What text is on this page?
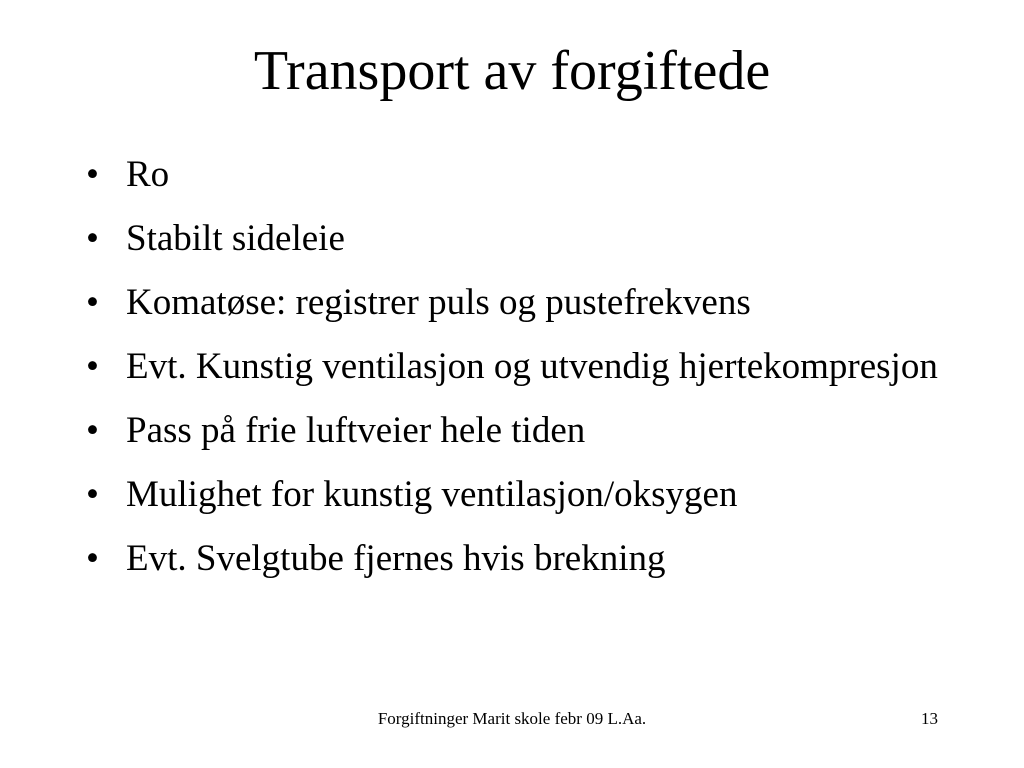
Transport av forgiftede
• Ro
• Stabilt sideleie
• Komatøse: registrer puls og pustefrekvens
• Evt. Kunstig ventilasjon og utvendig hjertekompresjon
• Pass på frie luftveier hele tiden
• Mulighet for kunstig ventilasjon/oksygen
• Evt. Svelgtube fjernes hvis brekning
Forgiftninger Marit skole febr 09 L.Aa.	13
